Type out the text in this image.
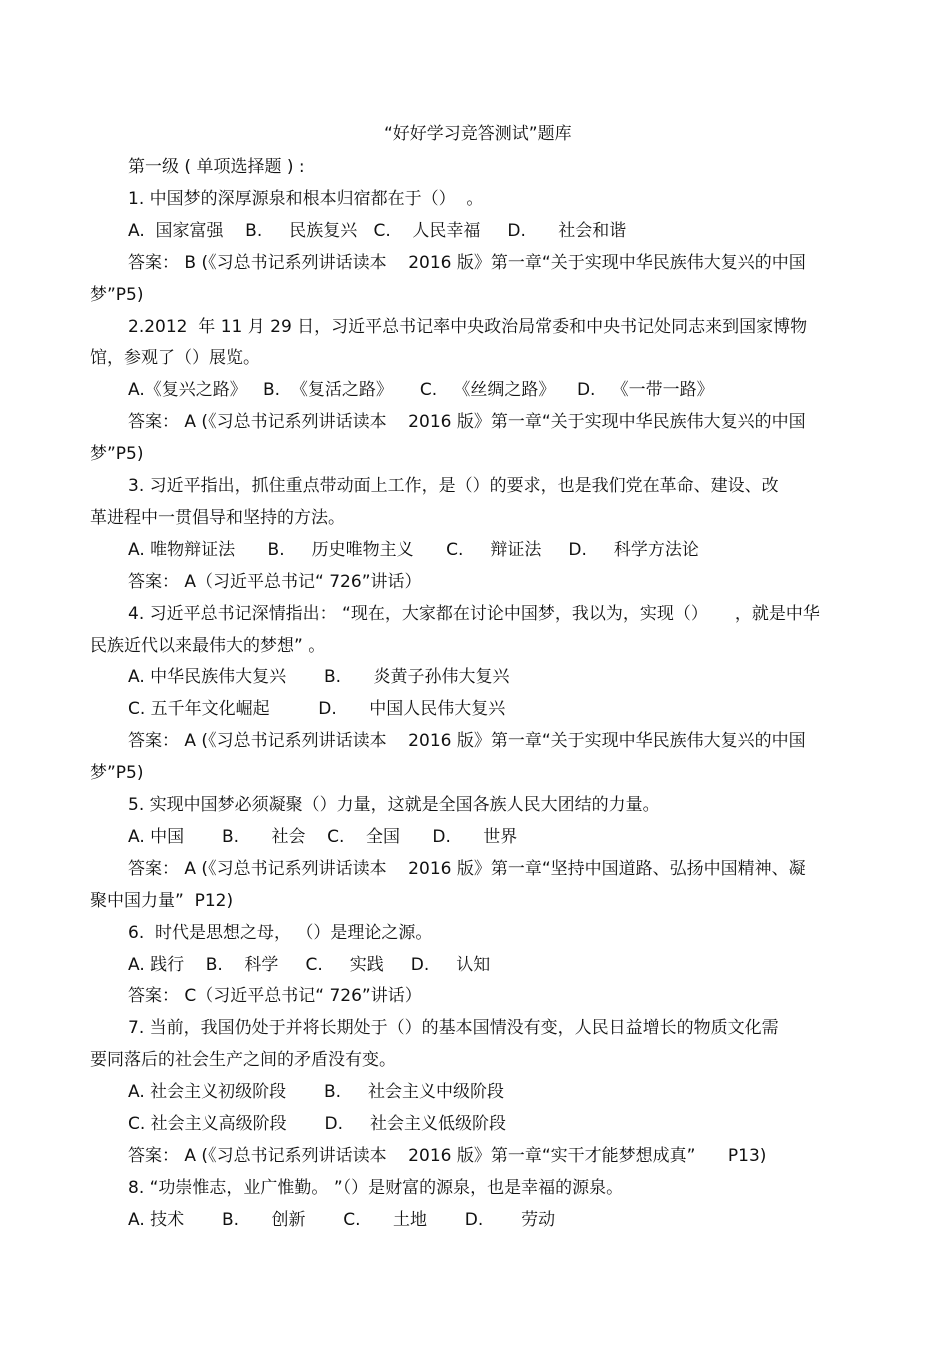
“好好学习竞答测试”题库
第一级 ( 单项选择题 ) :
1. 中国梦的深厚源泉和根本归宿都在于（）  。
A.  国家富强    B.     民族复兴   C.    人民幸福     D.      社会和谐
答案： B (《习总书记系列讲话读本    2016 版》第一章“关于实现中华民族伟大复兴的中国
梦”P5)
2.2012  年 11 月 29 日，习近平总书记率中央政治局常委和中央书记处同志来到国家博物
馆，参观了（）展览。
A.《复兴之路》   B.  《复活之路》     C.   《丝绸之路》    D.   《一带一路》
答案： A (《习总书记系列讲话读本    2016 版》第一章“关于实现中华民族伟大复兴的中国
梦”P5)
3. 习近平指出，抓住重点带动面上工作，是（）的要求，也是我们党在革命、建设、改
革进程中一贯倡导和坚持的方法。
A. 唯物辩证法      B.     历史唯物主义      C.     辩证法     D.     科学方法论
答案： A（习近平总书记“ 726”讲话）
4. 习近平总书记深情指出： “现在，大家都在讨论中国梦，我以为，实现（）     ，就是中华
民族近代以来最伟大的梦想” 。
A. 中华民族伟大复兴       B.      炎黄子孙伟大复兴
C. 五千年文化崛起         D.      中国人民伟大复兴
答案： A (《习总书记系列讲话读本    2016 版》第一章“关于实现中华民族伟大复兴的中国
梦”P5)
5. 实现中国梦必须凝聚（）力量，这就是全国各族人民大团结的力量。
A. 中国       B.      社会    C.    全国      D.      世界
答案： A (《习总书记系列讲话读本    2016 版》第一章“坚持中国道路、弘扬中国精神、凝
聚中国力量”  P12)
6.  时代是思想之母， （）是理论之源。
A. 践行    B.    科学     C.     实践     D.     认知
答案： C（习近平总书记“ 726”讲话）
7. 当前，我国仍处于并将长期处于（）的基本国情没有变，人民日益增长的物质文化需
要同落后的社会生产之间的矛盾没有变。
A. 社会主义初级阶段       B.     社会主义中级阶段
C. 社会主义高级阶段       D.     社会主义低级阶段
答案： A (《习总书记系列讲话读本    2016 版》第一章“实干才能梦想成真”      P13)
8. “功崇惟志，业广惟勤。 ”（）是财富的源泉，也是幸福的源泉。
A. 技术       B.      创新       C.      土地       D.       劳动
